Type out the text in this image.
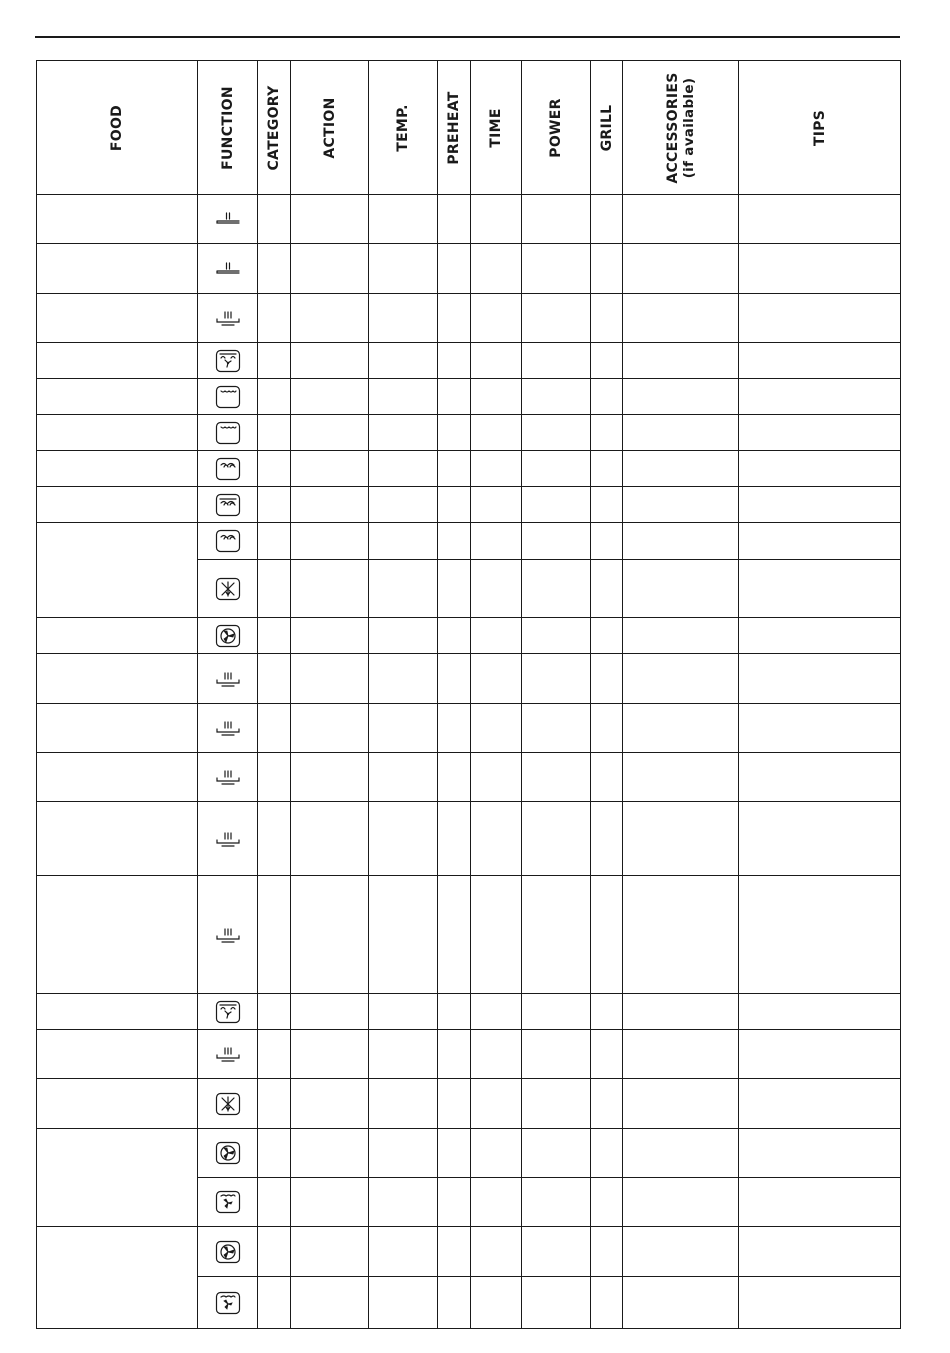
FOOD	FUNCTION	CATEGORY	ACTION	TEMP.	PREHEAT	TIME	POWER	GRILL	ACCESSORIES (if available)	TIPS
